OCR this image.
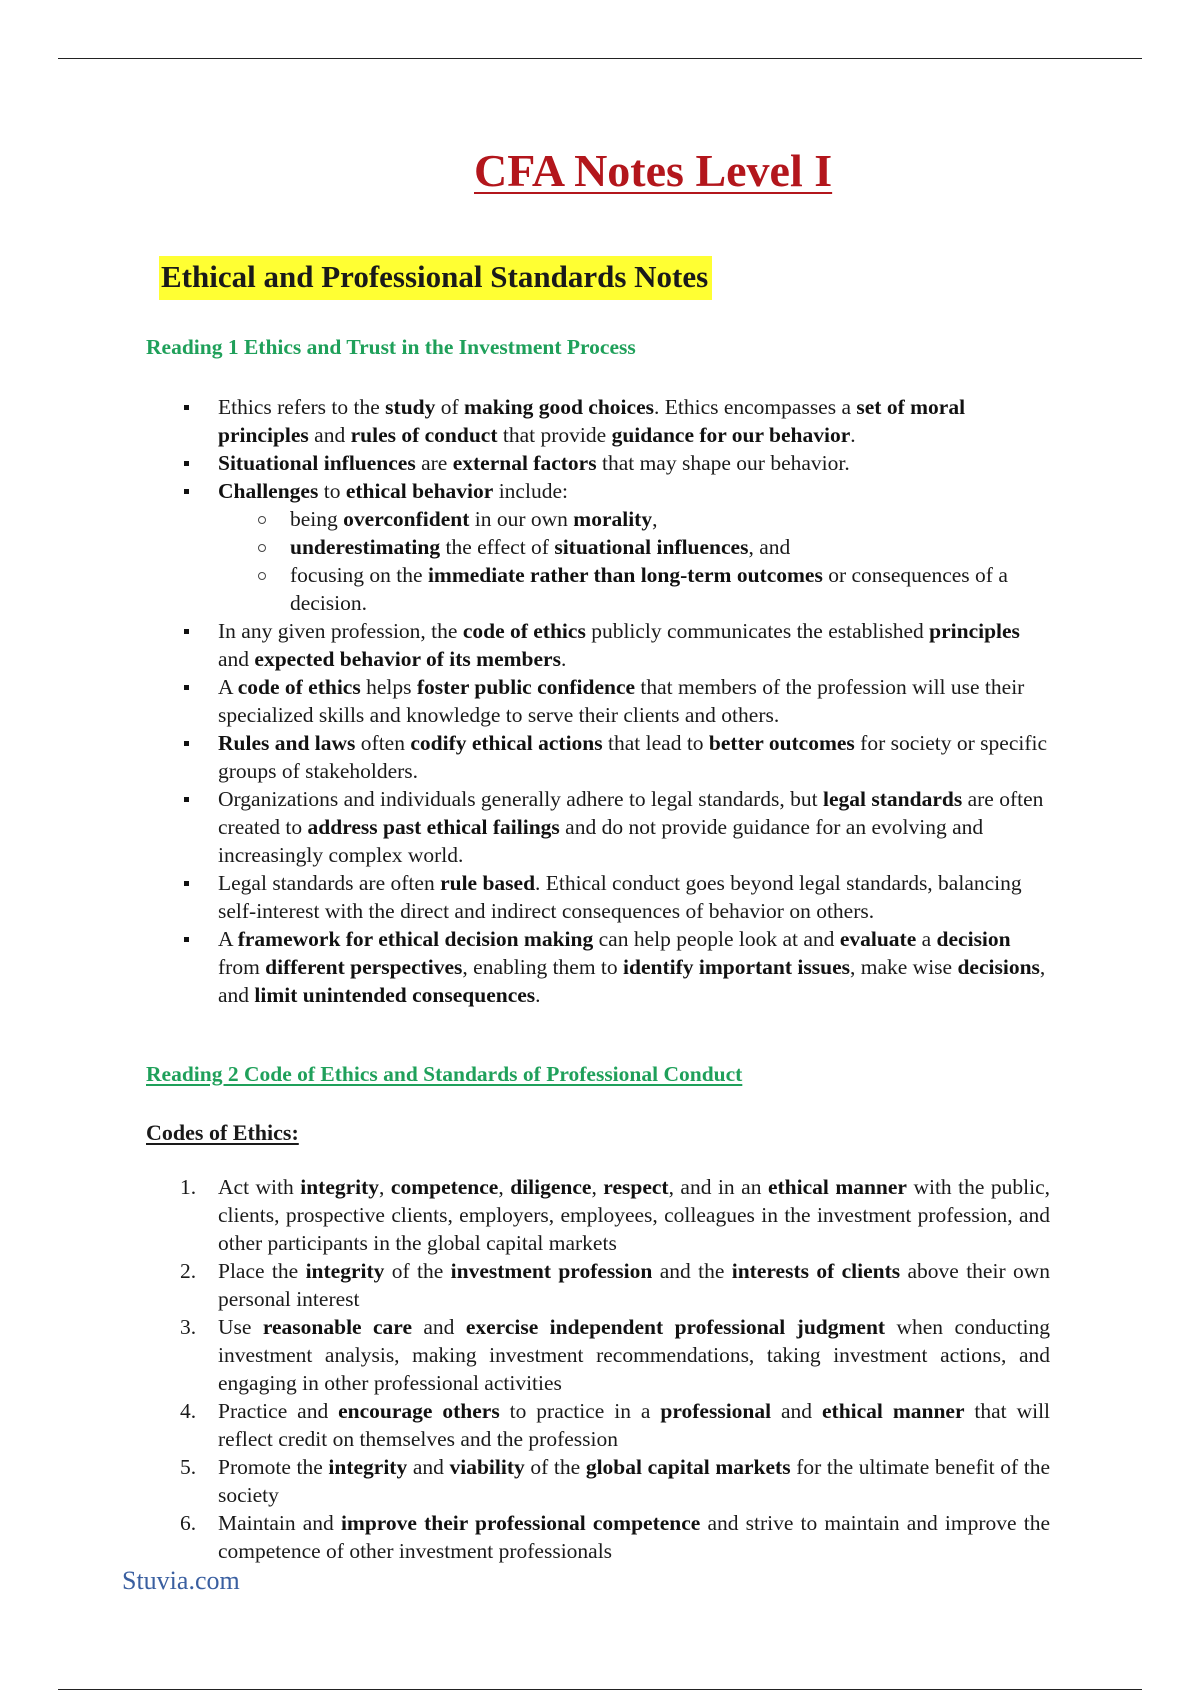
CFA Notes Level I
Ethical and Professional Standards Notes
Reading 1 Ethics and Trust in the Investment Process
Ethics refers to the study of making good choices. Ethics encompasses a set of moral principles and rules of conduct that provide guidance for our behavior.
Situational influences are external factors that may shape our behavior.
Challenges to ethical behavior include:
being overconfident in our own morality,
underestimating the effect of situational influences, and
focusing on the immediate rather than long-term outcomes or consequences of a decision.
In any given profession, the code of ethics publicly communicates the established principles and expected behavior of its members.
A code of ethics helps foster public confidence that members of the profession will use their specialized skills and knowledge to serve their clients and others.
Rules and laws often codify ethical actions that lead to better outcomes for society or specific groups of stakeholders.
Organizations and individuals generally adhere to legal standards, but legal standards are often created to address past ethical failings and do not provide guidance for an evolving and increasingly complex world.
Legal standards are often rule based. Ethical conduct goes beyond legal standards, balancing self-interest with the direct and indirect consequences of behavior on others.
A framework for ethical decision making can help people look at and evaluate a decision from different perspectives, enabling them to identify important issues, make wise decisions, and limit unintended consequences.
Reading 2 Code of Ethics and Standards of Professional Conduct
Codes of Ethics:
1. Act with integrity, competence, diligence, respect, and in an ethical manner with the public, clients, prospective clients, employers, employees, colleagues in the investment profession, and other participants in the global capital markets
2. Place the integrity of the investment profession and the interests of clients above their own personal interest
3. Use reasonable care and exercise independent professional judgment when conducting investment analysis, making investment recommendations, taking investment actions, and engaging in other professional activities
4. Practice and encourage others to practice in a professional and ethical manner that will reflect credit on themselves and the profession
5. Promote the integrity and viability of the global capital markets for the ultimate benefit of the society
6. Maintain and improve their professional competence and strive to maintain and improve the competence of other investment professionals
Stuvia.com
